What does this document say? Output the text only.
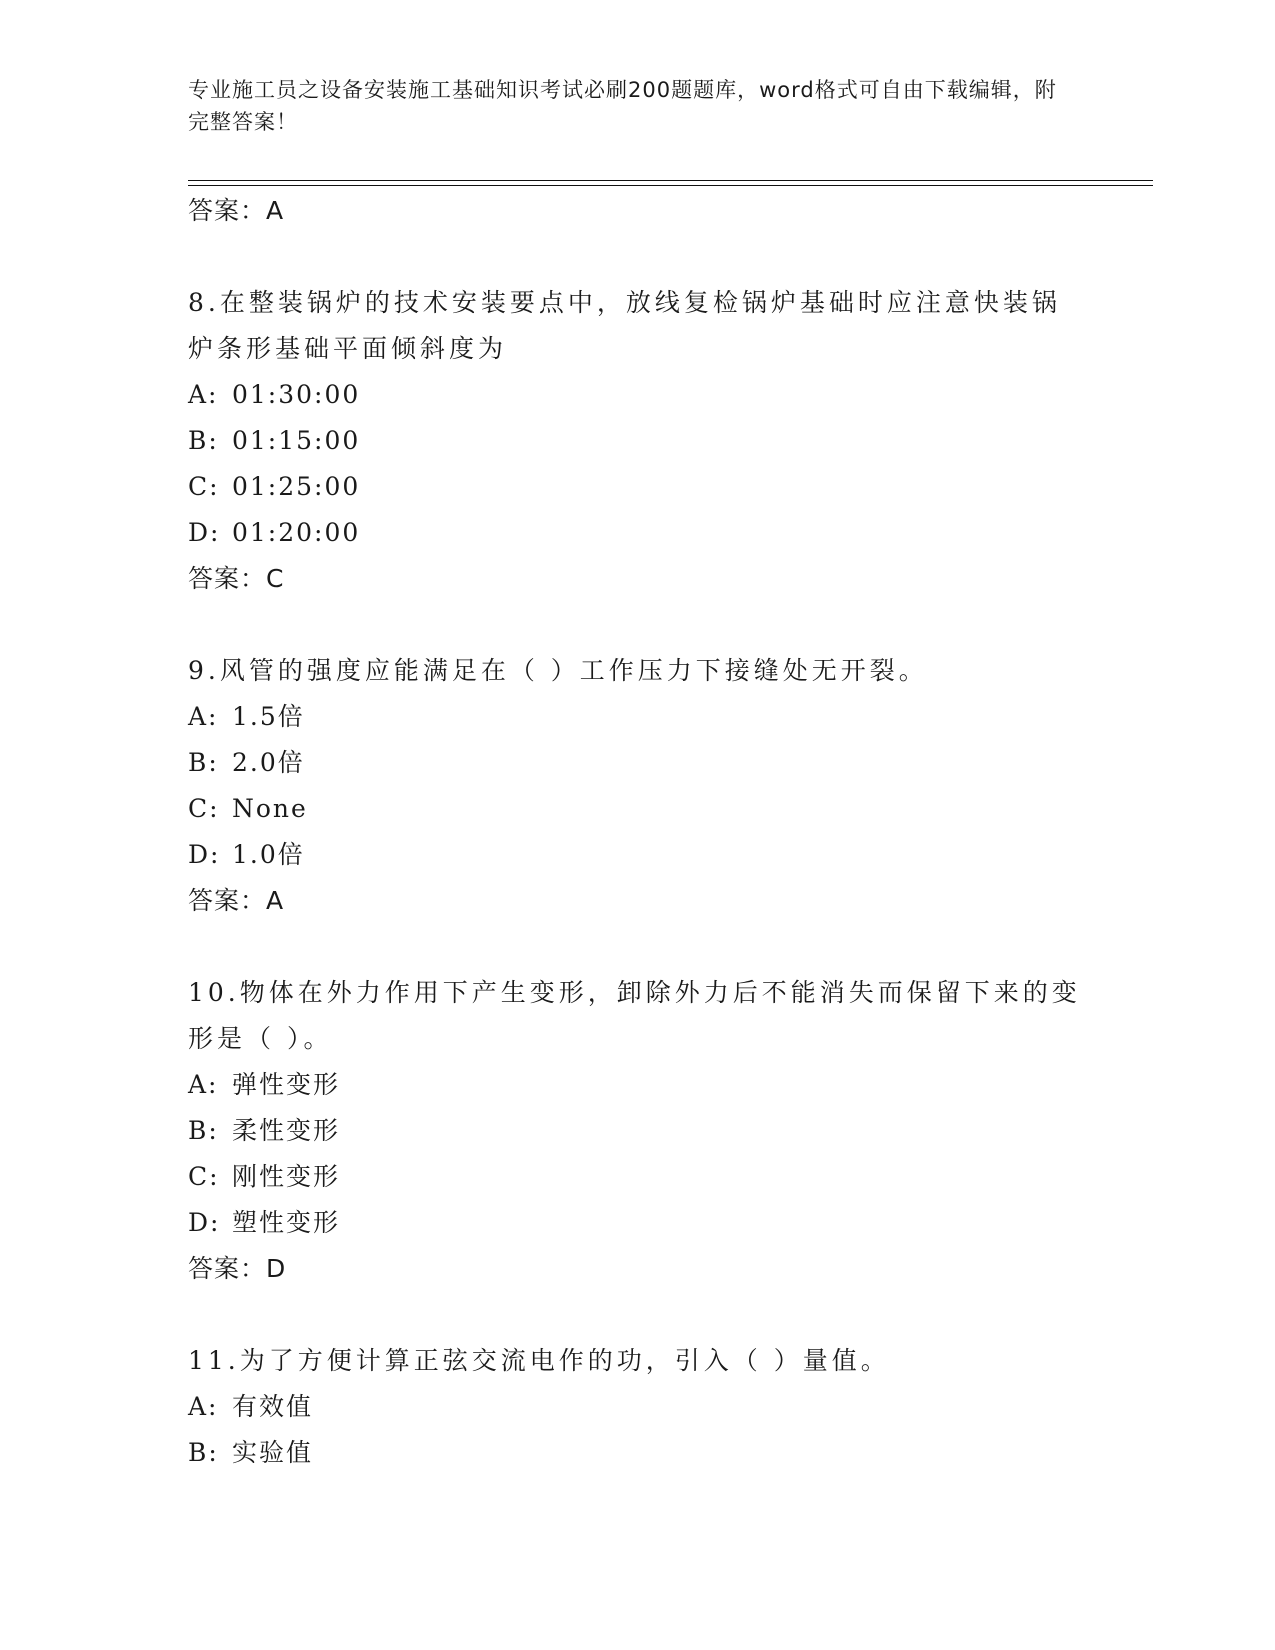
专业施工员之设备安装施工基础知识考试必刷200题题库，word格式可自由下载编辑，附完整答案！
答案：A
8.在整装锅炉的技术安装要点中，放线复检锅炉基础时应注意快装锅炉条形基础平面倾斜度为
A: 01:30:00
B: 01:15:00
C: 01:25:00
D: 01:20:00
答案：C
9.风管的强度应能满足在（ ）工作压力下接缝处无开裂。
A: 1.5倍
B: 2.0倍
C: None
D: 1.0倍
答案：A
10.物体在外力作用下产生变形，卸除外力后不能消失而保留下来的变形是（ ）。
A: 弹性变形
B: 柔性变形
C: 刚性变形
D: 塑性变形
答案：D
11.为了方便计算正弦交流电作的功，引入（ ）量值。
A: 有效值
B: 实验值
